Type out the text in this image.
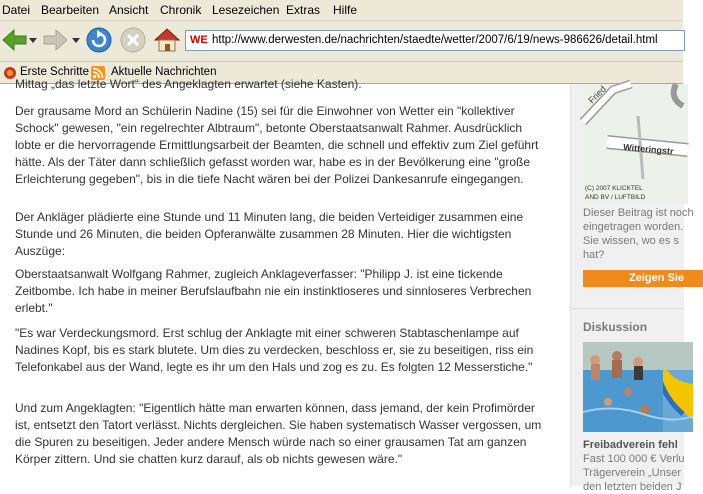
Datei Bearbeiten Ansicht Chronik Lesezeichen Extras Hilfe
WE http://www.derwesten.de/nachrichten/staedte/wetter/2007/6/19/news-986626/detail.html
Erste Schritte Aktuelle Nachrichten
Mittag „das letzte Wort“ des Angeklagten erwartet (siehe Kasten).
Der grausame Mord an Schülerin Nadine (15) sei für die Einwohner von Wetter ein "kollektiver Schock" gewesen, "ein regelrechter Albtraum", betonte Oberstaatsanwalt Rahmer. Ausdrücklich lobte er die hervorragende Ermittlungsarbeit der Beamten, die schnell und effektiv zum Ziel geführt hätte. Als der Täter dann schließlich gefasst worden war, habe es in der Bevölkerung eine "große Erleichterung gegeben", bis in die tiefe Nacht wären bei der Polizei Dankesanrufe eingegangen.
Der Ankläger plädierte eine Stunde und 11 Minuten lang, die beiden Verteidiger zusammen eine Stunde und 26 Minuten, die beiden Opferanwälte zusammen 28 Minuten. Hier die wichtigsten Auszüge:
Oberstaatsanwalt Wolfgang Rahmer, zugleich Anklageverfasser: "Philipp J. ist eine tickende Zeitbombe. Ich habe in meiner Berufslaufbahn nie ein instinktloseres und sinnloseres Verbrechen erlebt."
"Es war Verdeckungsmord. Erst schlug der Anklagte mit einer schweren Stabtaschenlampe auf Nadines Kopf, bis es stark blutete. Um dies zu verdecken, beschloss er, sie zu beseitigen, riss ein Telefonkabel aus der Wand, legte es ihr um den Hals und zog es zu. Es folgten 12 Messerstiche."
Und zum Angeklagten: "Eigentlich hätte man erwarten können, dass jemand, der kein Profimörder ist, entsetzt den Tatort verlässt. Nichts dergleichen. Sie haben systematisch Wasser vergossen, um die Spuren zu beseitigen. Jeder andere Mensch würde nach so einer grausamen Tat am ganzen Körper zittern. Und sie chatten kurz darauf, als ob nichts gewesen wäre."
Fried
Witteringstr
(C) 2007 KLICKTEL
AND BV / LUFTBILD
Dieser Beitrag ist noch
eingetragen worden.
Sie wissen, wo es s
hat?
Zeigen Sie
Diskussion
Freibadverein fehl
Fast 100 000 € Verlu
Trägerverein „Unser
den letzten beiden J
